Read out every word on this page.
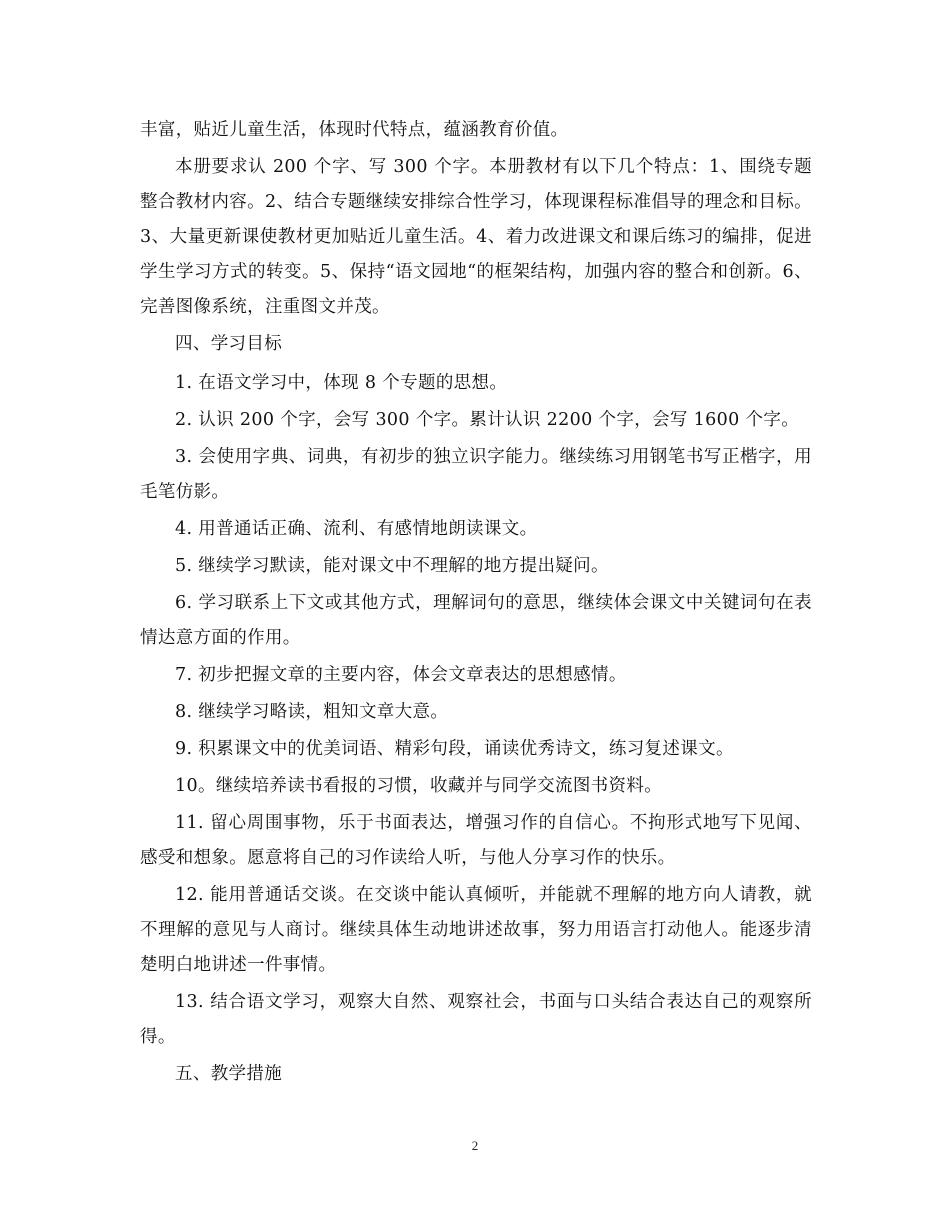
丰富，贴近儿童生活，体现时代特点，蕴涵教育价值。

本册要求认 200 个字、写 300 个字。本册教材有以下几个特点：1、围绕专题整合教材内容。2、结合专题继续安排综合性学习，体现课程标准倡导的理念和目标。3、大量更新课使教材更加贴近儿童生活。4、着力改进课文和课后练习的编排，促进学生学习方式的转变。5、保持“语文园地“的框架结构，加强内容的整合和创新。6、完善图像系统，注重图文并茂。

四、学习目标

1. 在语文学习中，体现 8 个专题的思想。

2. 认识 200 个字，会写 300 个字。累计认识 2200 个字，会写 1600 个字。

3. 会使用字典、词典，有初步的独立识字能力。继续练习用钢笔书写正楷字，用毛笔仿影。

4. 用普通话正确、流利、有感情地朗读课文。

5. 继续学习默读，能对课文中不理解的地方提出疑问。

6. 学习联系上下文或其他方式，理解词句的意思，继续体会课文中关键词句在表情达意方面的作用。

7. 初步把握文章的主要内容，体会文章表达的思想感情。

8. 继续学习略读，粗知文章大意。

9. 积累课文中的优美词语、精彩句段，诵读优秀诗文，练习复述课文。

10。继续培养读书看报的习惯，收藏并与同学交流图书资料。

11. 留心周围事物，乐于书面表达，增强习作的自信心。不拘形式地写下见闻、感受和想象。愿意将自己的习作读给人听，与他人分享习作的快乐。

12. 能用普通话交谈。在交谈中能认真倾听，并能就不理解的地方向人请教，就不理解的意见与人商讨。继续具体生动地讲述故事，努力用语言打动他人。能逐步清楚明白地讲述一件事情。

13. 结合语文学习，观察大自然、观察社会，书面与口头结合表达自己的观察所得。

五、教学措施

2
